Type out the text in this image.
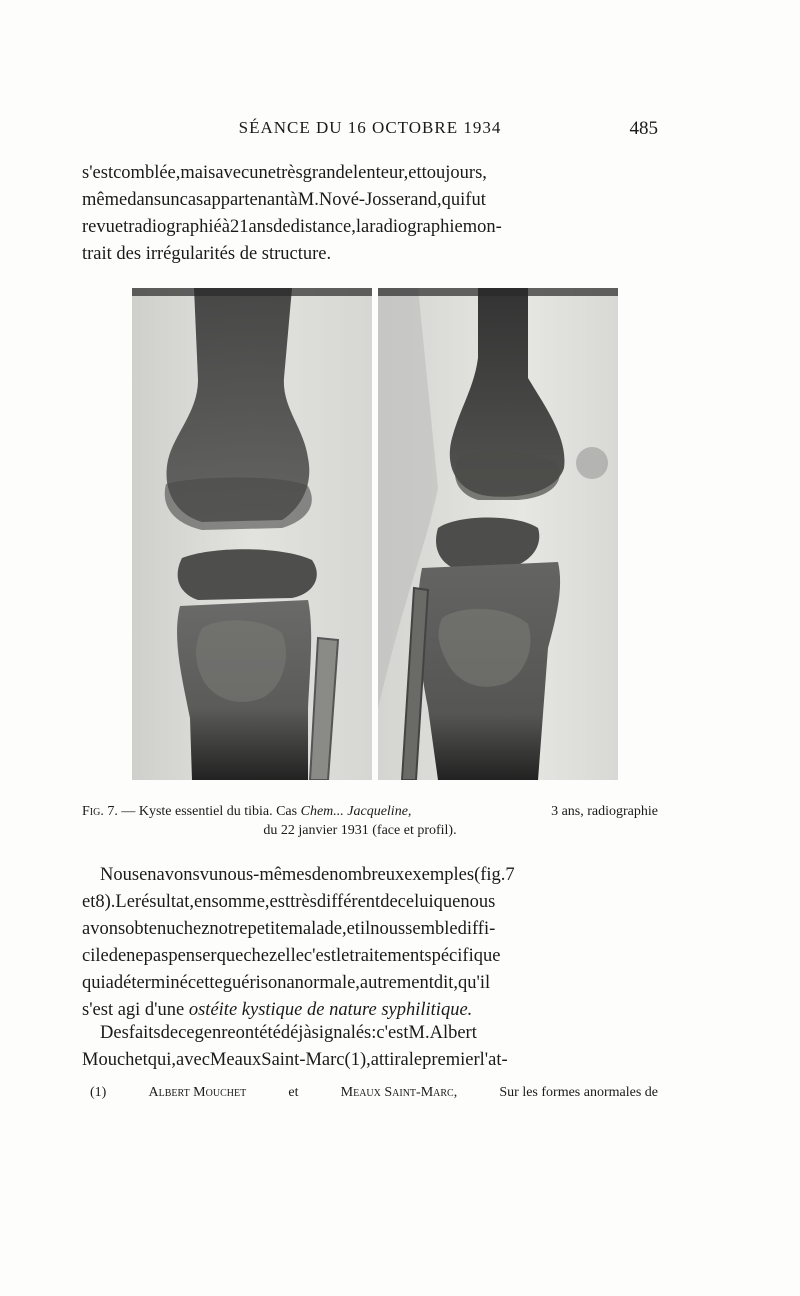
SÉANCE DU 16 OCTOBRE 1934	485
s'estcomblée,maisavecunetrèsgrandelenteur,ettoujours,
mêmedansuncasappartenantàM.Nové-Josserand,quifut
revuetradiographiéà21ansdedistance,laradiographiemon-
trait des irrégularités de structure.
Fig. 7. — Kyste essentiel du tibia. Cas Chem... Jacqueline,	3 ans, radiographie
du 22 janvier 1931 (face et profil).
Nousenavonsvunous-mêmesdenombreuxexemples(fig.7
et8).Lerésultat,ensomme,esttrèsdifférentdeceluiquenous
avonsobtenucheznotrepetitemalade,etilnoussemblediffi-
ciledenepaspenserquechezellec'estletraitementspécifique
quiadéterminécetteguérisonanormale,autrementdit,qu'il
s'est agi d'une ostéite kystique de nature syphilitique.
Desfaitsdecegenreontétédéjàsignalés:c'estM.Albert
Mouchetqui,avecMeauxSaint-Marc(1),attiralepremierl'at-
(1)	Albert Mouchet	et	Meaux Saint-Marc,	Sur les formes anormales de
